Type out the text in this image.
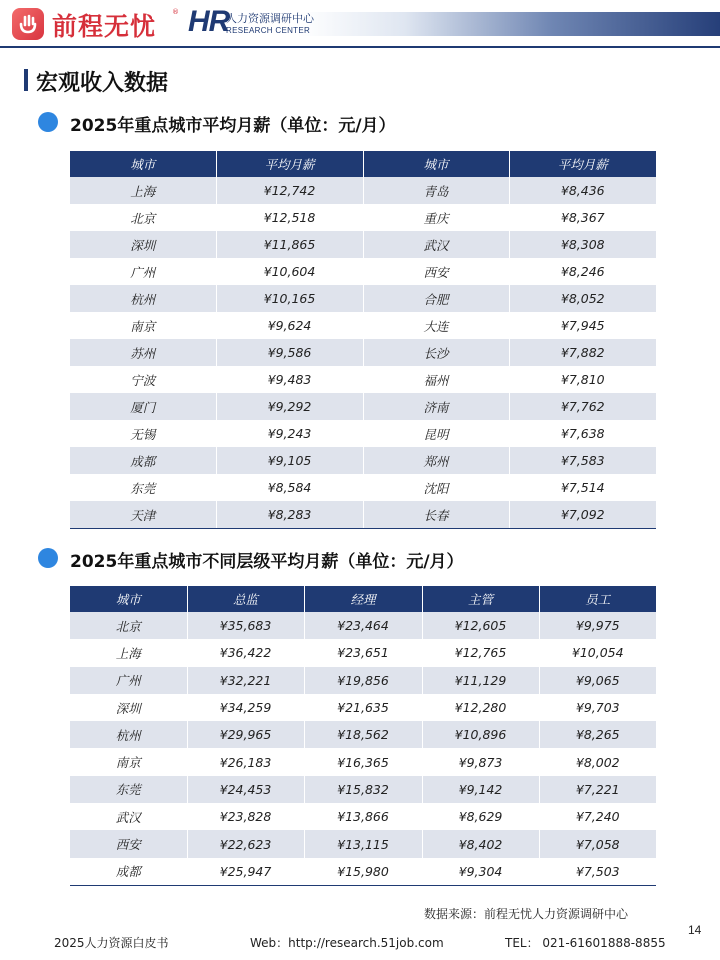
前程无忧 ® HR
人力资源调研中心
RESEARCH CENTER
宏观收入数据
2025年重点城市平均月薪（单位：元/月）
城市	平均月薪	城市	平均月薪
上海	¥12,742	青岛	¥8,436
北京	¥12,518	重庆	¥8,367
深圳	¥11,865	武汉	¥8,308
广州	¥10,604	西安	¥8,246
杭州	¥10,165	合肥	¥8,052
南京	¥9,624	大连	¥7,945
苏州	¥9,586	长沙	¥7,882
宁波	¥9,483	福州	¥7,810
厦门	¥9,292	济南	¥7,762
无锡	¥9,243	昆明	¥7,638
成都	¥9,105	郑州	¥7,583
东莞	¥8,584	沈阳	¥7,514
天津	¥8,283	长春	¥7,092
2025年重点城市不同层级平均月薪（单位：元/月）
城市	总监	经理	主管	员工
北京	¥35,683	¥23,464	¥12,605	¥9,975
上海	¥36,422	¥23,651	¥12,765	¥10,054
广州	¥32,221	¥19,856	¥11,129	¥9,065
深圳	¥34,259	¥21,635	¥12,280	¥9,703
杭州	¥29,965	¥18,562	¥10,896	¥8,265
南京	¥26,183	¥16,365	¥9,873	¥8,002
东莞	¥24,453	¥15,832	¥9,142	¥7,221
武汉	¥23,828	¥13,866	¥8,629	¥7,240
西安	¥22,623	¥13,115	¥8,402	¥7,058
成都	¥25,947	¥15,980	¥9,304	¥7,503
数据来源：前程无忧人力资源调研中心
14
2025人力资源白皮书	Web：http://research.51job.com	TEL： 021-61601888-8855
